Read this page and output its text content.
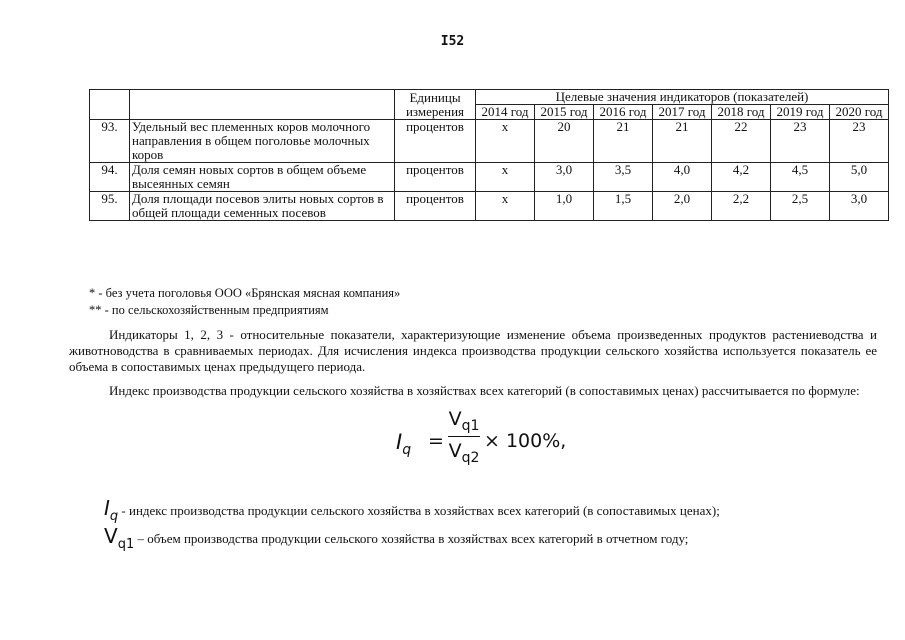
I52
		Единицы измерения	Целевые значения индикаторов (показателей)						
			2014 год	2015 год	2016 год	2017 год	2018 год	2019 год	2020 год
93.	Удельный вес племенных коров молочного направления в общем поголовье молочных коров	процентов	x	20	21	21	22	23	23
94.	Доля семян новых сортов в общем объеме высеянных семян	процентов	x	3,0	3,5	4,0	4,2	4,5	5,0
95.	Доля площади посевов элиты новых сортов в общей площади семенных посевов	процентов	x	1,0	1,5	2,0	2,2	2,5	3,0
* - без учета поголовья ООО «Брянская мясная компания»
** - по сельскохозяйственным предприятиям
Индикаторы 1, 2, 3 - относительные показатели, характеризующие изменение объема произведенных продуктов растениеводства и животноводства в сравниваемых периодах. Для исчисления индекса производства продукции сельского хозяйства используется показатель ее объема в сопоставимых ценах предыдущего периода.
Индекс производства продукции сельского хозяйства в хозяйствах всех категорий (в сопоставимых ценах) рассчитывается по формуле:
$I_q$ =
$V_{q1}$
$V_{q2}$
× 100%,
$I_q$ - индекс производства продукции сельского хозяйства в хозяйствах всех категорий (в сопоставимых ценах);
$V_{q1}$ – объем производства продукции сельского хозяйства в хозяйствах всех категорий в отчетном году;
